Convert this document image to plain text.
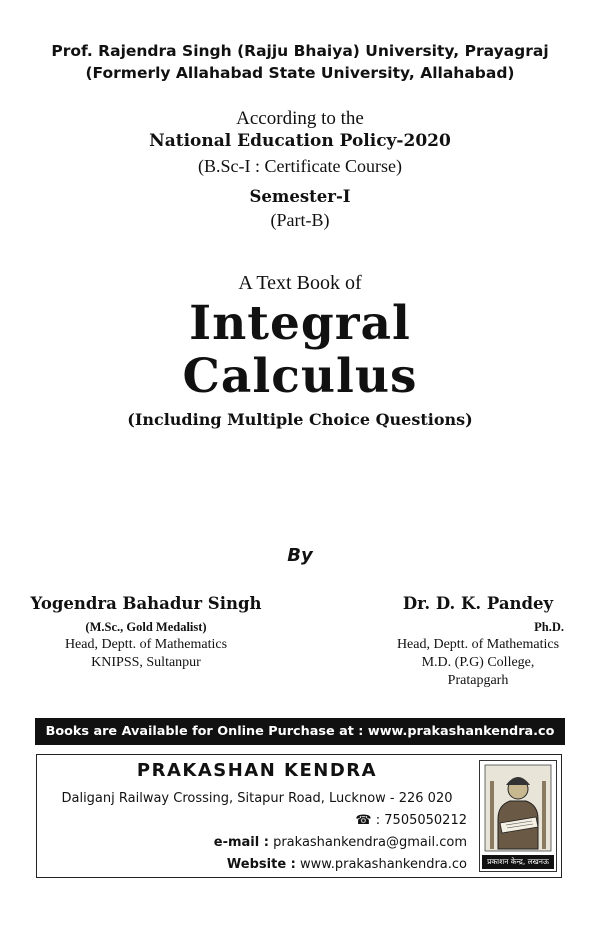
Prof. Rajendra Singh (Rajju Bhaiya) University, Prayagraj
(Formerly Allahabad State University, Allahabad)
According to the
National Education Policy-2020
(B.Sc-I : Certificate Course)
Semester-I
(Part-B)
A Text Book of
Integral
Calculus
(Including Multiple Choice Questions)
By
Yogendra Bahadur Singh
(M.Sc., Gold Medalist)
Head, Deptt. of Mathematics
KNIPSS, Sultanpur
Dr. D. K. Pandey
Ph.D.
Head, Deptt. of Mathematics
M.D. (P.G) College,
Pratapgarh
Books are Available for Online Purchase at : www.prakashankendra.co
PRAKASHAN KENDRA
Daliganj Railway Crossing, Sitapur Road, Lucknow - 226 020
☎ : 7505050212
e-mail : prakashankendra@gmail.com
Website : www.prakashankendra.co	प्रकाशन केन्द्र, लखनऊ
